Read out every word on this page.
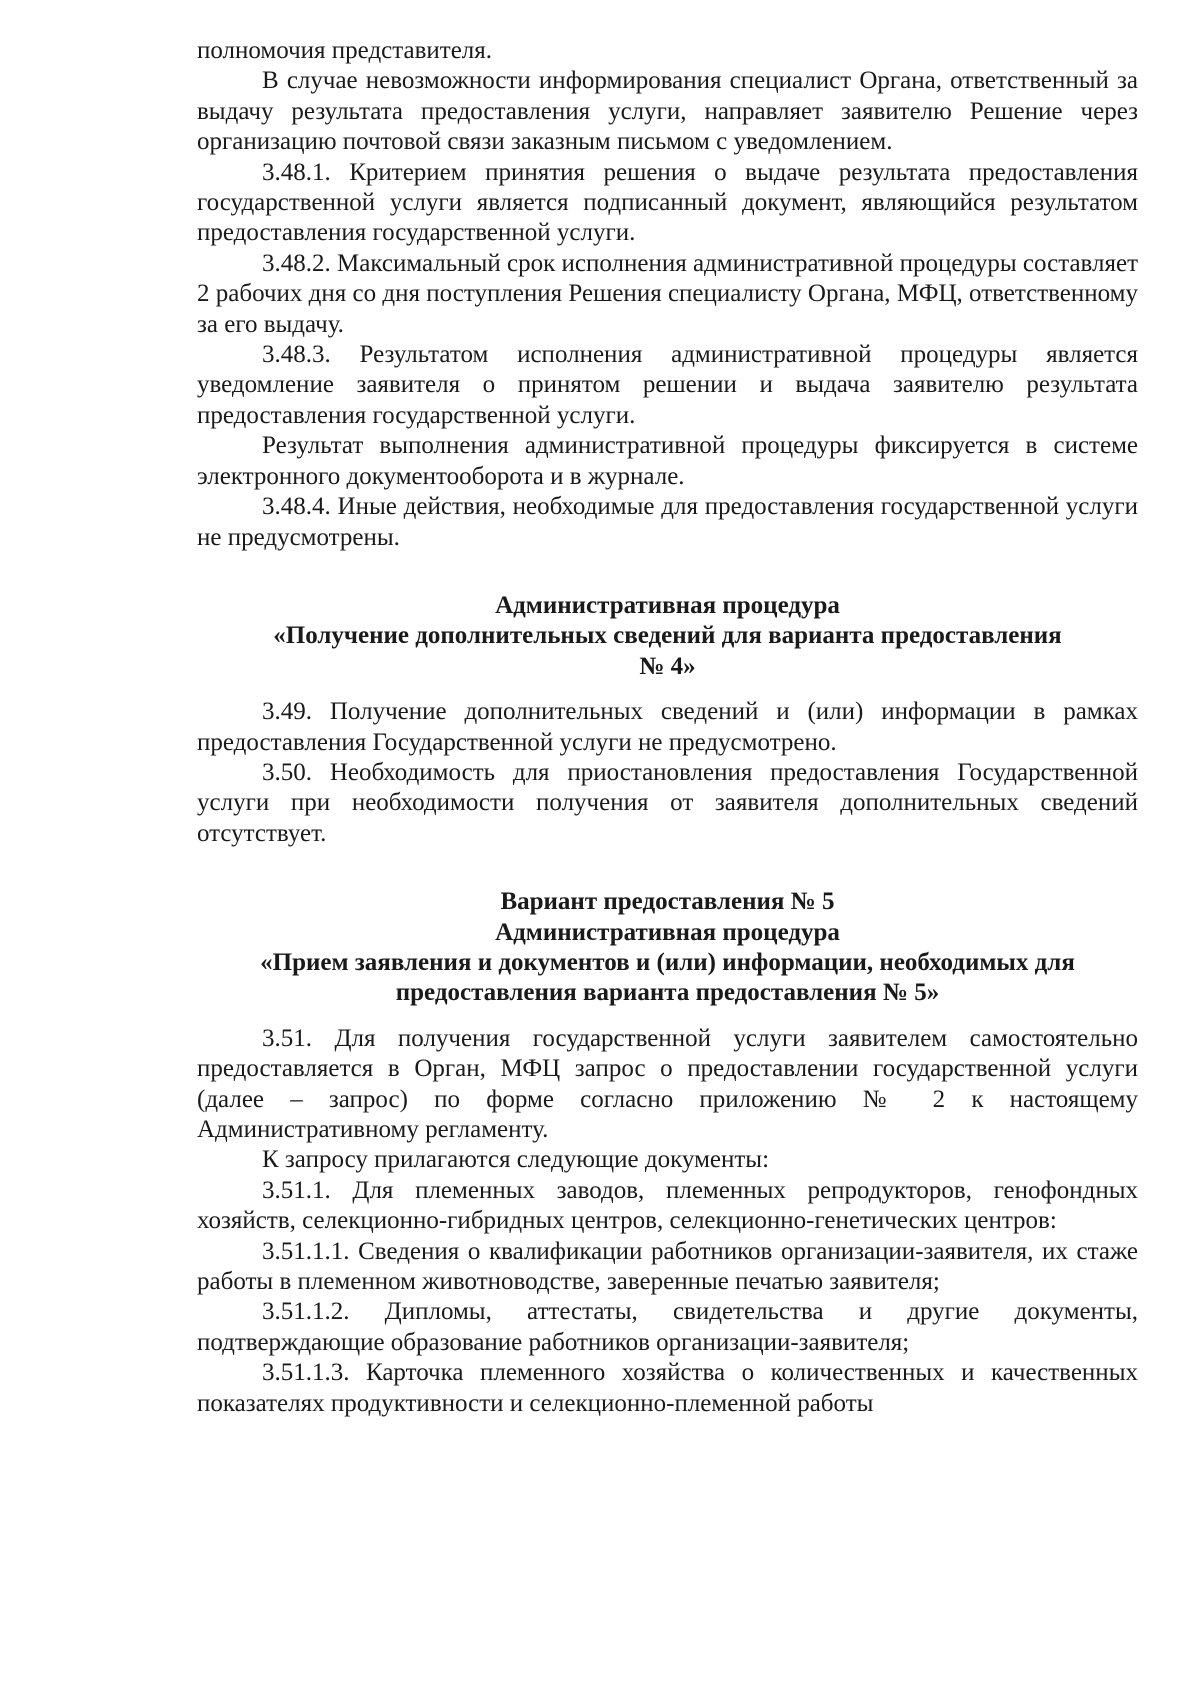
полномочия представителя.

В случае невозможности информирования специалист Органа, ответственный за выдачу результата предоставления услуги, направляет заявителю Решение через организацию почтовой связи заказным письмом с уведомлением.

3.48.1. Критерием принятия решения о выдаче результата предоставления государственной услуги является подписанный документ, являющийся результатом предоставления государственной услуги.

3.48.2. Максимальный срок исполнения административной процедуры составляет 2 рабочих дня со дня поступления Решения специалисту Органа, МФЦ, ответственному за его выдачу.

3.48.3. Результатом исполнения административной процедуры является уведомление заявителя о принятом решении и выдача заявителю результата предоставления государственной услуги.

Результат выполнения административной процедуры фиксируется в системе электронного документооборота и в журнале.

3.48.4. Иные действия, необходимые для предоставления государственной услуги не предусмотрены.

Административная процедура

«Получение дополнительных сведений для варианта предоставления

№ 4»

3.49. Получение дополнительных сведений и (или) информации в рамках предоставления Государственной услуги не предусмотрено.

3.50. Необходимость для приостановления предоставления Государственной услуги при необходимости получения от заявителя дополнительных сведений отсутствует.

Вариант предоставления № 5

Административная процедура

«Прием заявления и документов и (или) информации, необходимых для

предоставления варианта предоставления № 5»

3.51. Для получения государственной услуги заявителем самостоятельно предоставляется в Орган, МФЦ запрос о предоставлении государственной услуги (далее – запрос) по форме согласно приложению № 2 к настоящему Административному регламенту.

К запросу прилагаются следующие документы:

3.51.1. Для племенных заводов, племенных репродукторов, генофондных хозяйств, селекционно-гибридных центров, селекционно-генетических центров:

3.51.1.1. Сведения о квалификации работников организации-заявителя, их стаже работы в племенном животноводстве, заверенные печатью заявителя;

3.51.1.2. Дипломы, аттестаты, свидетельства и другие документы, подтверждающие образование работников организации-заявителя;

3.51.1.3. Карточка племенного хозяйства о количественных и качественных показателях продуктивности и селекционно-племенной работы
